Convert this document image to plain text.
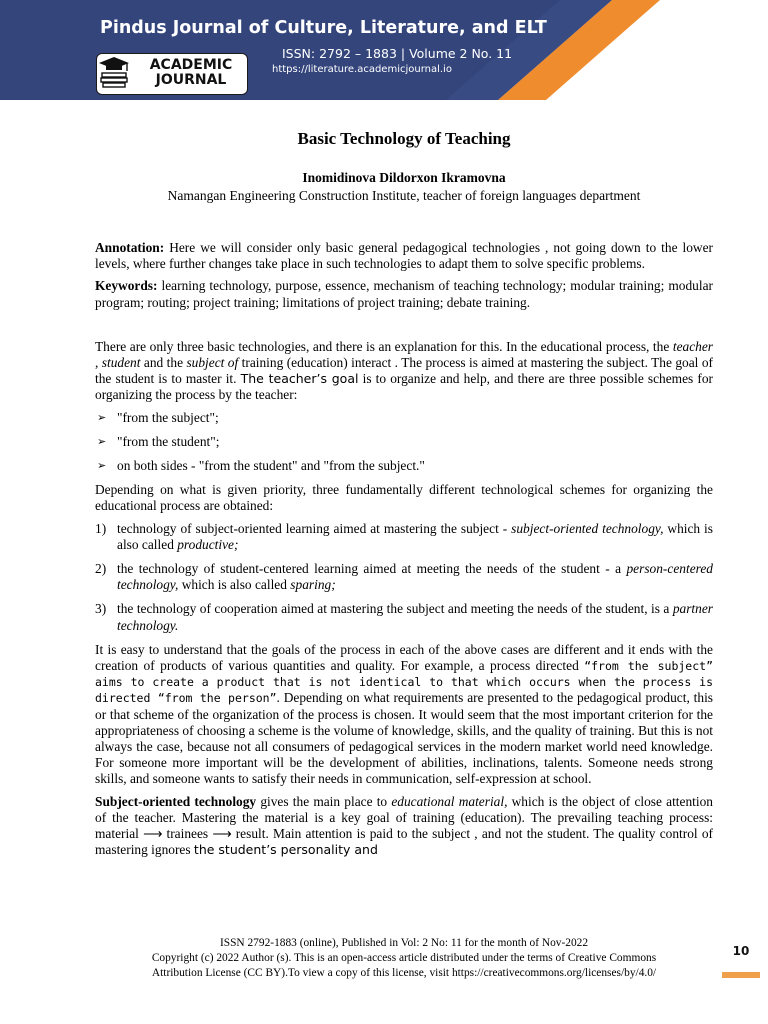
Pindus Journal of Culture, Literature, and ELT
ISSN: 2792 – 1883 | Volume 2 No. 11
https://literature.academicjournal.io
ACADEMIC
JOURNAL
Basic Technology of Teaching
Inomidinova Dildorxon Ikramovna
Namangan Engineering Construction Institute, teacher of foreign languages department

Annotation: Here we will consider only basic general pedagogical technologies , not going down to the lower levels, where further changes take place in such technologies to adapt them to solve specific problems.

Keywords: learning technology, purpose, essence, mechanism of teaching technology; modular training; modular program; routing; project training; limitations of project training; debate training.

There are only three basic technologies, and there is an explanation for this. In the educational process, the teacher , student and the subject of training (education) interact . The process is aimed at mastering the subject. The goal of the student is to master it. The teacher’s goal is to organize and help, and there are three possible schemes for organizing the process by the teacher:

➢ "from the subject";
➢ "from the student";
➢ on both sides - "from the student" and "from the subject."

Depending on what is given priority, three fundamentally different technological schemes for organizing the educational process are obtained:

1) technology of subject-oriented learning aimed at mastering the subject - subject-oriented technology, which is also called productive;
2) the technology of student-centered learning aimed at meeting the needs of the student - a person-centered technology, which is also called sparing;
3) the technology of cooperation aimed at mastering the subject and meeting the needs of the student, is a partner technology.

It is easy to understand that the goals of the process in each of the above cases are different and it ends with the creation of products of various quantities and quality. For example, a process directed “from the subject” aims to create a product that is not identical to that which occurs when the process is directed “from the person”. Depending on what requirements are presented to the pedagogical product, this or that scheme of the organization of the process is chosen. It would seem that the most important criterion for the appropriateness of choosing a scheme is the volume of knowledge, skills, and the quality of training. But this is not always the case, because not all consumers of pedagogical services in the modern market world need knowledge. For someone more important will be the development of abilities, inclinations, talents. Someone needs strong skills, and someone wants to satisfy their needs in communication, self-expression at school.

Subject-oriented technology gives the main place to educational material, which is the object of close attention of the teacher. Mastering the material is a key goal of training (education). The prevailing teaching process: material ⟶ trainees ⟶ result. Main attention is paid to the subject , and not the student. The quality control of mastering ignores the student’s personality and

ISSN 2792-1883 (online), Published in Vol: 2 No: 11 for the month of Nov-2022
Copyright (c) 2022 Author (s). This is an open-access article distributed under the terms of Creative Commons
Attribution License (CC BY).To view a copy of this license, visit https://creativecommons.org/licenses/by/4.0/
10
